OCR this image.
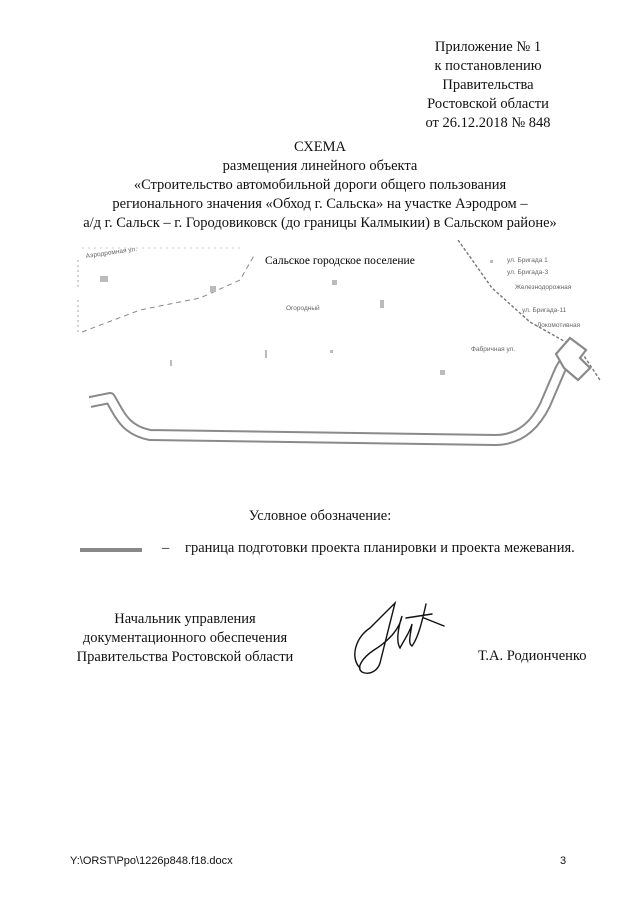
Приложение № 1
к постановлению
Правительства
Ростовской области
от 26.12.2018 № 848
СХЕМА
размещения линейного объекта
«Строительство автомобильной дороги общего пользования
регионального значения «Обход г. Сальска» на участке Аэродром –
а/д г. Сальск – г. Городовиковск (до границы Калмыкии) в Сальском районе»
Сальское городское поселение
Аэродромная ул.
Огородный
ул. Бригада 1
ул. Бригада-3
Железнодорожная
ул. Бригада-11
Локомотивная
Фабричная ул.
Условное обозначение:
– граница подготовки проекта планировки и проекта межевания.
Начальник управления
документационного обеспечения
Правительства Ростовской области	Т.А. Родионченко
Y:\ORST\Ppo\1226p848.f18.docx	3
